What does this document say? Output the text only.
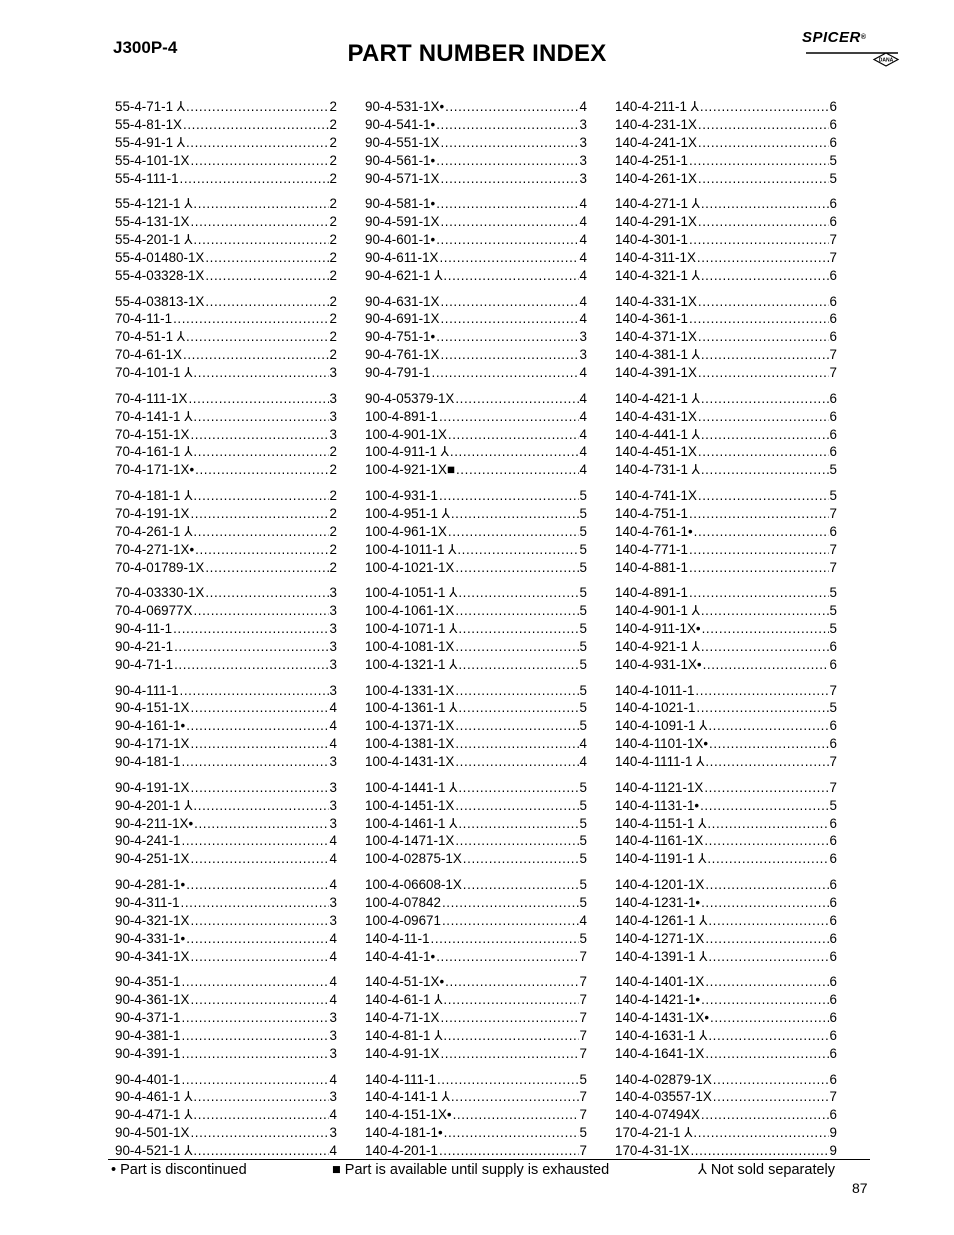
J300P-4	PART NUMBER INDEX
SPICER®
DANA
55-4-71-1 ⅄ .....	2
55-4-81-1X .....	2
55-4-91-1 ⅄ .....	2
55-4-101-1X .....	2
55-4-111-1 .....	2
55-4-121-1 ⅄ .....	2
55-4-131-1X .....	2
55-4-201-1 ⅄ .....	2
55-4-01480-1X .....	2
55-4-03328-1X .....	2
55-4-03813-1X .....	2
70-4-11-1 .....	2
70-4-51-1 ⅄ .....	2
70-4-61-1X .....	2
70-4-101-1 ⅄ .....	3
70-4-111-1X .....	3
70-4-141-1 ⅄ .....	3
70-4-151-1X .....	3
70-4-161-1 ⅄ .....	2
70-4-171-1X• .....	2
70-4-181-1 ⅄ .....	2
70-4-191-1X .....	2
70-4-261-1 ⅄ .....	2
70-4-271-1X• .....	2
70-4-01789-1X .....	2
70-4-03330-1X .....	3
70-4-06977X .....	3
90-4-11-1 .....	3
90-4-21-1 .....	3
90-4-71-1 .....	3
90-4-111-1 .....	3
90-4-151-1X .....	4
90-4-161-1• .....	4
90-4-171-1X .....	4
90-4-181-1 .....	3
90-4-191-1X .....	3
90-4-201-1 ⅄ .....	3
90-4-211-1X• .....	3
90-4-241-1 .....	4
90-4-251-1X .....	4
90-4-281-1• .....	4
90-4-311-1 .....	3
90-4-321-1X .....	3
90-4-331-1• .....	4
90-4-341-1X .....	4
90-4-351-1 .....	4
90-4-361-1X .....	4
90-4-371-1 .....	3
90-4-381-1 .....	3
90-4-391-1 .....	3
90-4-401-1 .....	4
90-4-461-1 ⅄ .....	3
90-4-471-1 ⅄ .....	4
90-4-501-1X .....	3
90-4-521-1 ⅄ .....	4
90-4-531-1X• .....	4
90-4-541-1• .....	3
90-4-551-1X .....	3
90-4-561-1• .....	3
90-4-571-1X .....	3
90-4-581-1• .....	4
90-4-591-1X .....	4
90-4-601-1• .....	4
90-4-611-1X .....	4
90-4-621-1 ⅄ .....	4
90-4-631-1X .....	4
90-4-691-1X .....	4
90-4-751-1• .....	3
90-4-761-1X .....	3
90-4-791-1 .....	4
90-4-05379-1X .....	4
100-4-891-1 .....	4
100-4-901-1X .....	4
100-4-911-1 ⅄ .....	4
100-4-921-1X■ .....	4
100-4-931-1 .....	5
100-4-951-1 ⅄ .....	5
100-4-961-1X .....	5
100-4-1011-1 ⅄ .....	5
100-4-1021-1X .....	5
100-4-1051-1 ⅄ .....	5
100-4-1061-1X .....	5
100-4-1071-1 ⅄ .....	5
100-4-1081-1X .....	5
100-4-1321-1 ⅄ .....	5
100-4-1331-1X .....	5
100-4-1361-1 ⅄ .....	5
100-4-1371-1X .....	5
100-4-1381-1X .....	4
100-4-1431-1X .....	4
100-4-1441-1 ⅄ .....	5
100-4-1451-1X .....	5
100-4-1461-1 ⅄ .....	5
100-4-1471-1X .....	5
100-4-02875-1X .....	5
100-4-06608-1X .....	5
100-4-07842 .....	5
100-4-09671 .....	4
140-4-11-1 .....	5
140-4-41-1• .....	7
140-4-51-1X• .....	7
140-4-61-1 ⅄ .....	7
140-4-71-1X .....	7
140-4-81-1 ⅄ .....	7
140-4-91-1X .....	7
140-4-111-1 .....	5
140-4-141-1 ⅄ .....	7
140-4-151-1X• .....	7
140-4-181-1• .....	5
140-4-201-1 .....	7
140-4-211-1 ⅄ .....	6
140-4-231-1X .....	6
140-4-241-1X .....	6
140-4-251-1 .....	5
140-4-261-1X .....	5
140-4-271-1 ⅄ .....	6
140-4-291-1X .....	6
140-4-301-1 .....	7
140-4-311-1X .....	7
140-4-321-1 ⅄ .....	6
140-4-331-1X .....	6
140-4-361-1 .....	6
140-4-371-1X .....	6
140-4-381-1 ⅄ .....	7
140-4-391-1X .....	7
140-4-421-1 ⅄ .....	6
140-4-431-1X .....	6
140-4-441-1 ⅄ .....	6
140-4-451-1X .....	6
140-4-731-1 ⅄ .....	5
140-4-741-1X .....	5
140-4-751-1 .....	7
140-4-761-1• .....	6
140-4-771-1 .....	7
140-4-881-1 .....	7
140-4-891-1 .....	5
140-4-901-1 ⅄ .....	5
140-4-911-1X• .....	5
140-4-921-1 ⅄ .....	6
140-4-931-1X• .....	6
140-4-1011-1 .....	7
140-4-1021-1 .....	5
140-4-1091-1 ⅄ .....	6
140-4-1101-1X• .....	6
140-4-1111-1 ⅄ .....	7
140-4-1121-1X .....	7
140-4-1131-1• .....	5
140-4-1151-1 ⅄ .....	6
140-4-1161-1X .....	6
140-4-1191-1 ⅄ .....	6
140-4-1201-1X .....	6
140-4-1231-1• .....	6
140-4-1261-1 ⅄ .....	6
140-4-1271-1X .....	6
140-4-1391-1 ⅄ .....	6
140-4-1401-1X .....	6
140-4-1421-1• .....	6
140-4-1431-1X• .....	6
140-4-1631-1 ⅄ .....	6
140-4-1641-1X .....	6
140-4-02879-1X .....	6
140-4-03557-1X .....	7
140-4-07494X .....	6
170-4-21-1 ⅄ .....	9
170-4-31-1X .....	9
• Part is discontinued	■ Part is available until supply is exhausted	⅄ Not sold separately
87
